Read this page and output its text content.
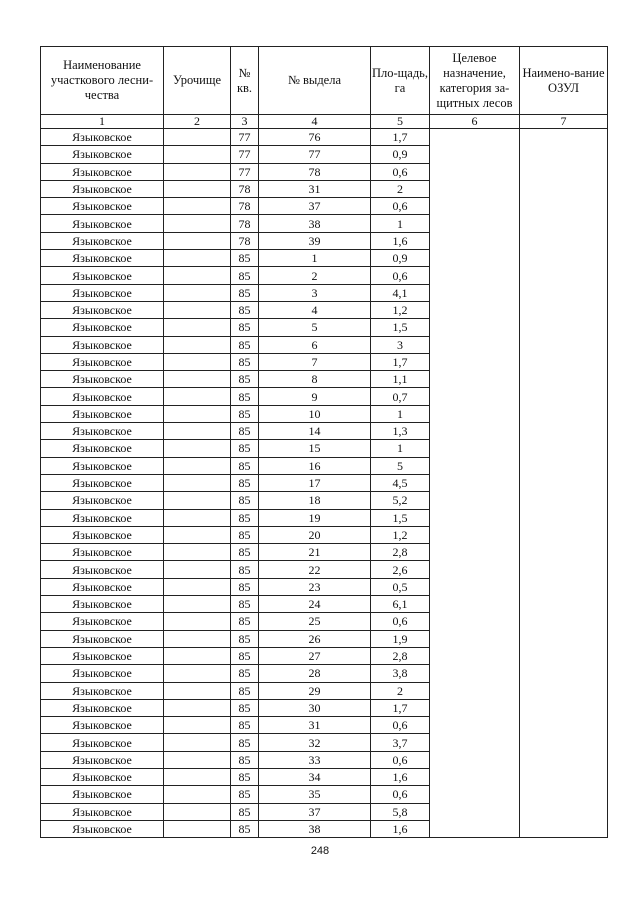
Наименование участкового лесни-чества	Урочище	№ кв.	№ выдела	Пло-щадь, га	Целевое назначение, категория за-щитных лесов	Наимено-вание ОЗУЛ
1	2	3	4	5	6	7
Языковское		77	76	1,7		
Языковское		77	77	0,9		
Языковское		77	78	0,6		
Языковское		78	31	2		
Языковское		78	37	0,6		
Языковское		78	38	1		
Языковское		78	39	1,6		
Языковское		85	1	0,9		
Языковское		85	2	0,6		
Языковское		85	3	4,1		
Языковское		85	4	1,2		
Языковское		85	5	1,5		
Языковское		85	6	3		
Языковское		85	7	1,7		
Языковское		85	8	1,1		
Языковское		85	9	0,7		
Языковское		85	10	1		
Языковское		85	14	1,3		
Языковское		85	15	1		
Языковское		85	16	5		
Языковское		85	17	4,5		
Языковское		85	18	5,2		
Языковское		85	19	1,5		
Языковское		85	20	1,2		
Языковское		85	21	2,8		
Языковское		85	22	2,6		
Языковское		85	23	0,5		
Языковское		85	24	6,1		
Языковское		85	25	0,6		
Языковское		85	26	1,9		
Языковское		85	27	2,8		
Языковское		85	28	3,8		
Языковское		85	29	2		
Языковское		85	30	1,7		
Языковское		85	31	0,6		
Языковское		85	32	3,7		
Языковское		85	33	0,6		
Языковское		85	34	1,6		
Языковское		85	35	0,6		
Языковское		85	37	5,8		
Языковское		85	38	1,6		
248
